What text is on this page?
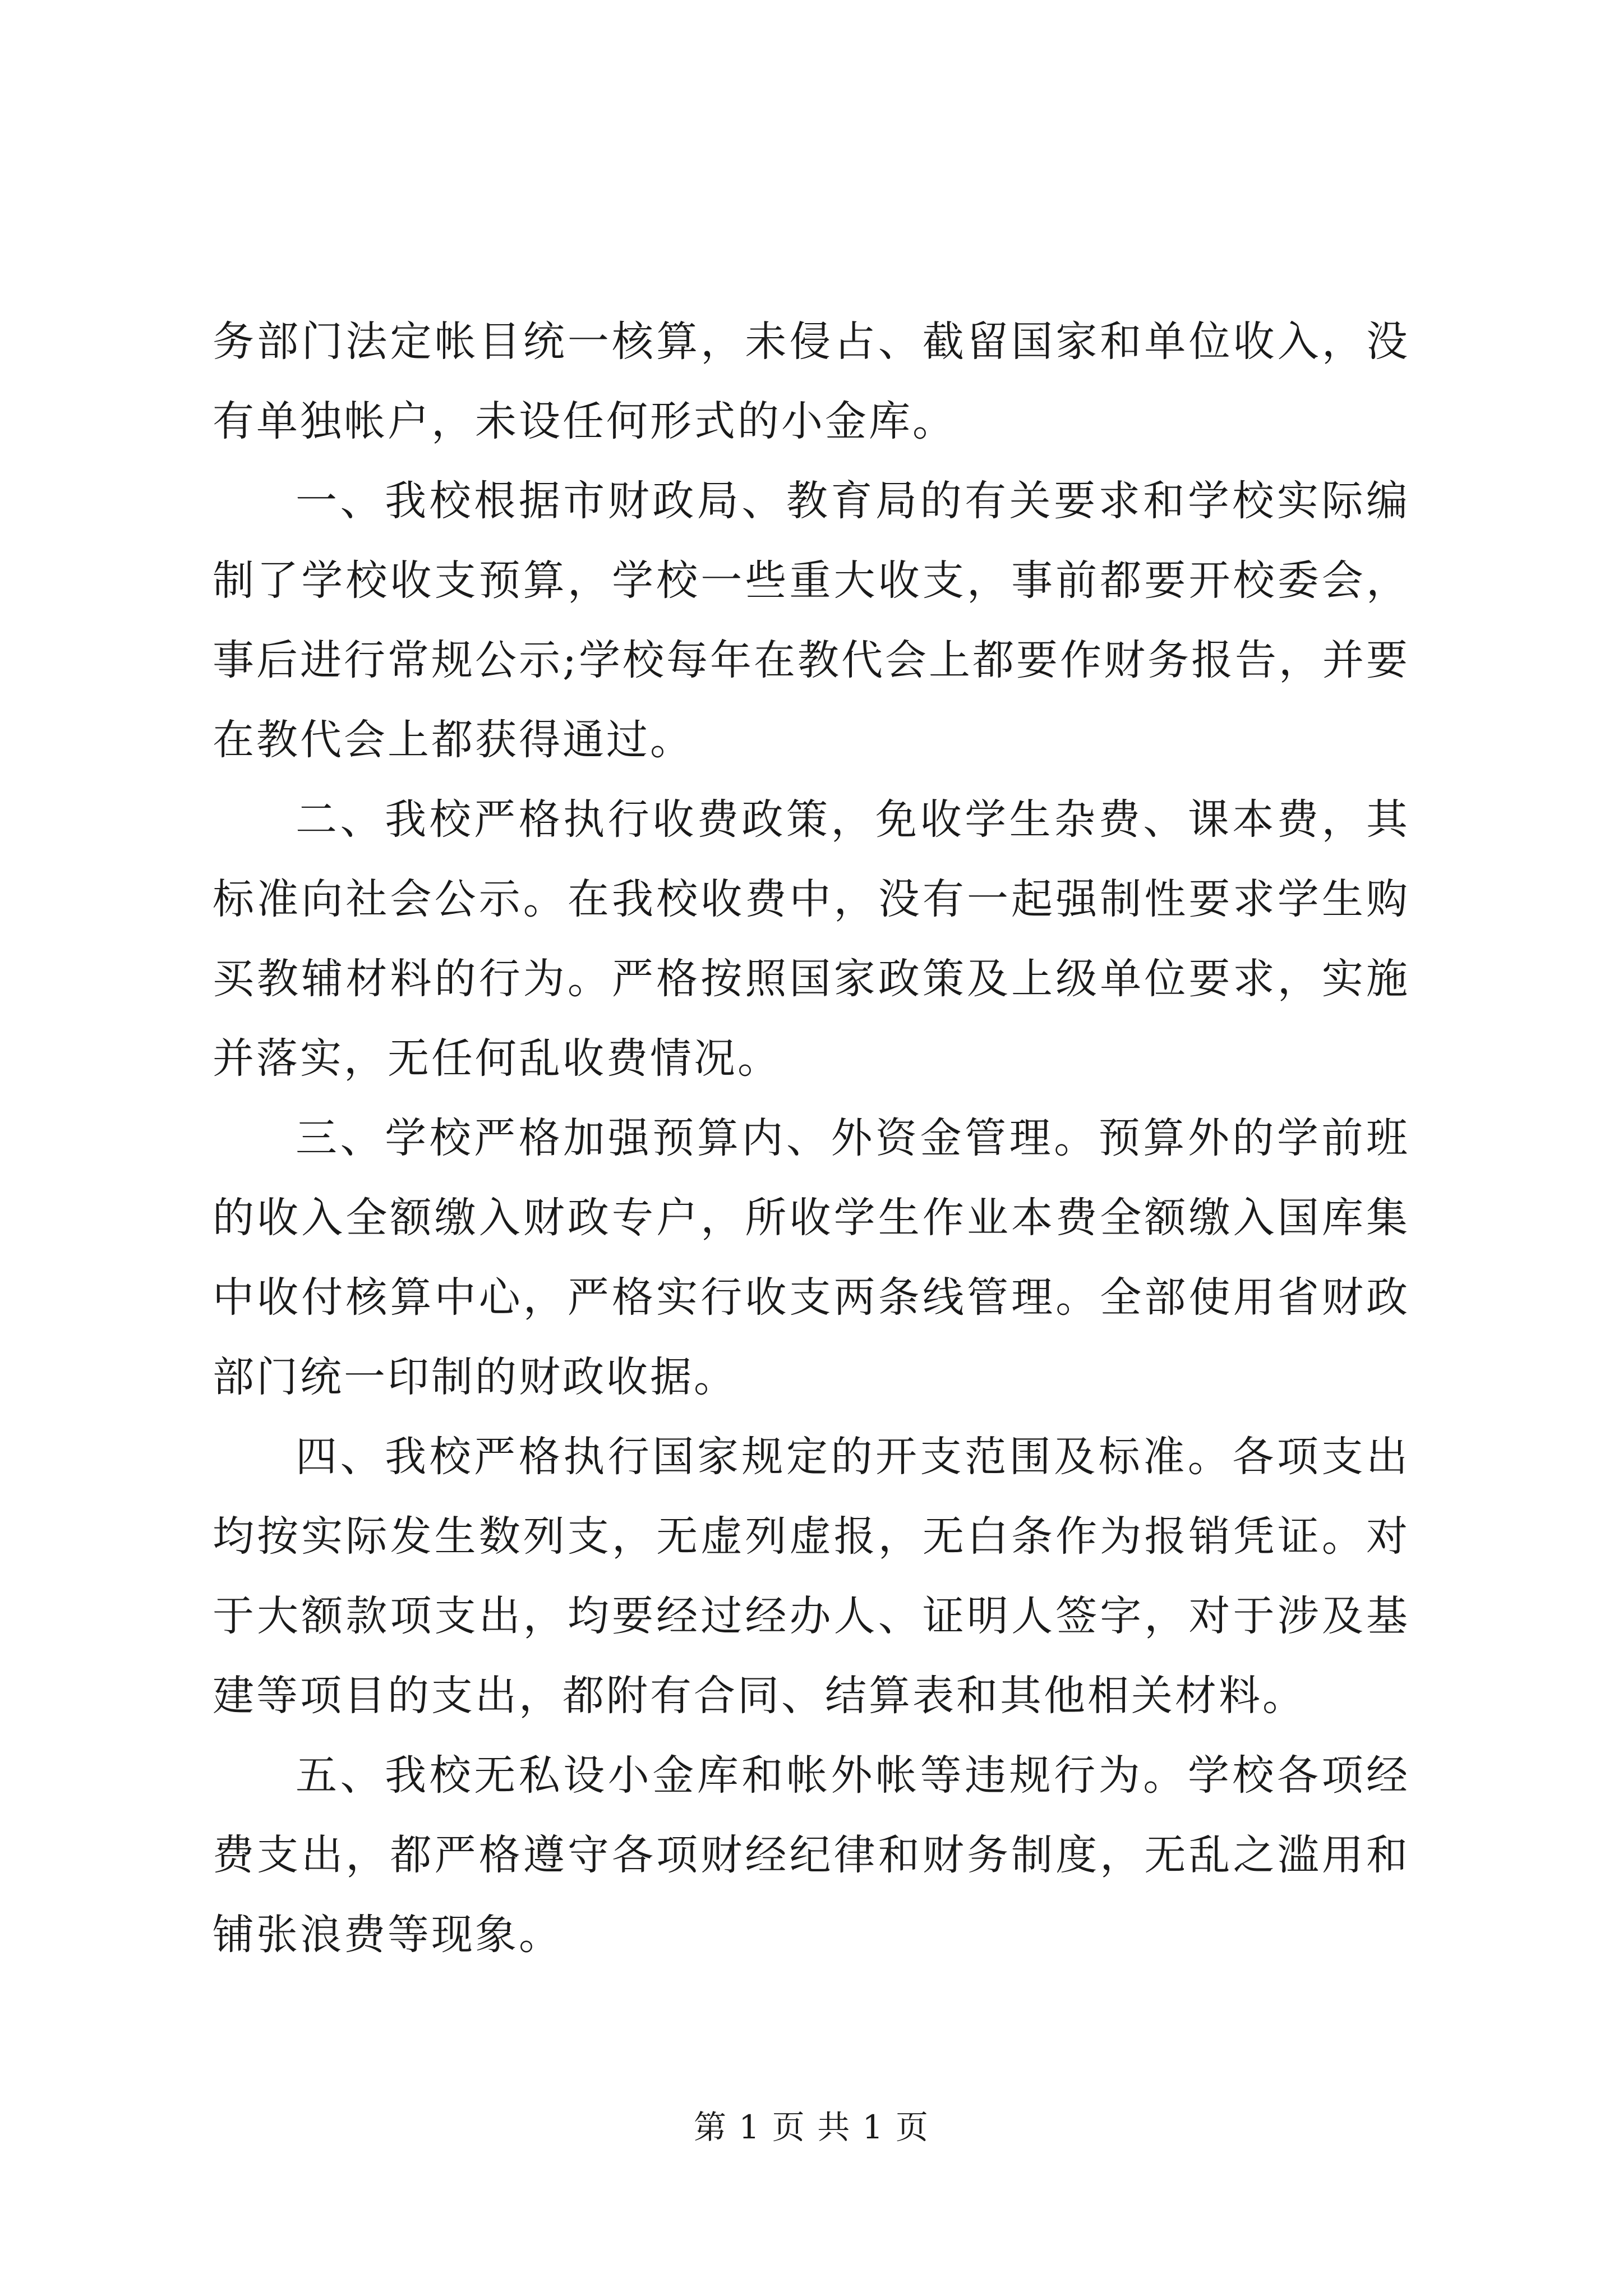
务部门法定帐目统一核算，未侵占、截留国家和单位收入，没有单独帐户，未设任何形式的小金库。

一、我校根据市财政局、教育局的有关要求和学校实际编制了学校收支预算，学校一些重大收支，事前都要开校委会，事后进行常规公示;学校每年在教代会上都要作财务报告，并要在教代会上都获得通过。

二、我校严格执行收费政策，免收学生杂费、课本费，其标准向社会公示。在我校收费中，没有一起强制性要求学生购买教辅材料的行为。严格按照国家政策及上级单位要求，实施并落实，无任何乱收费情况。

三、学校严格加强预算内、外资金管理。预算外的学前班的收入全额缴入财政专户，所收学生作业本费全额缴入国库集中收付核算中心，严格实行收支两条线管理。全部使用省财政部门统一印制的财政收据。

四、我校严格执行国家规定的开支范围及标准。各项支出均按实际发生数列支，无虚列虚报，无白条作为报销凭证。对于大额款项支出，均要经过经办人、证明人签字，对于涉及基建等项目的支出，都附有合同、结算表和其他相关材料。

五、我校无私设小金库和帐外帐等违规行为。学校各项经费支出，都严格遵守各项财经纪律和财务制度，无乱之滥用和铺张浪费等现象。

第 1 页 共 1 页
